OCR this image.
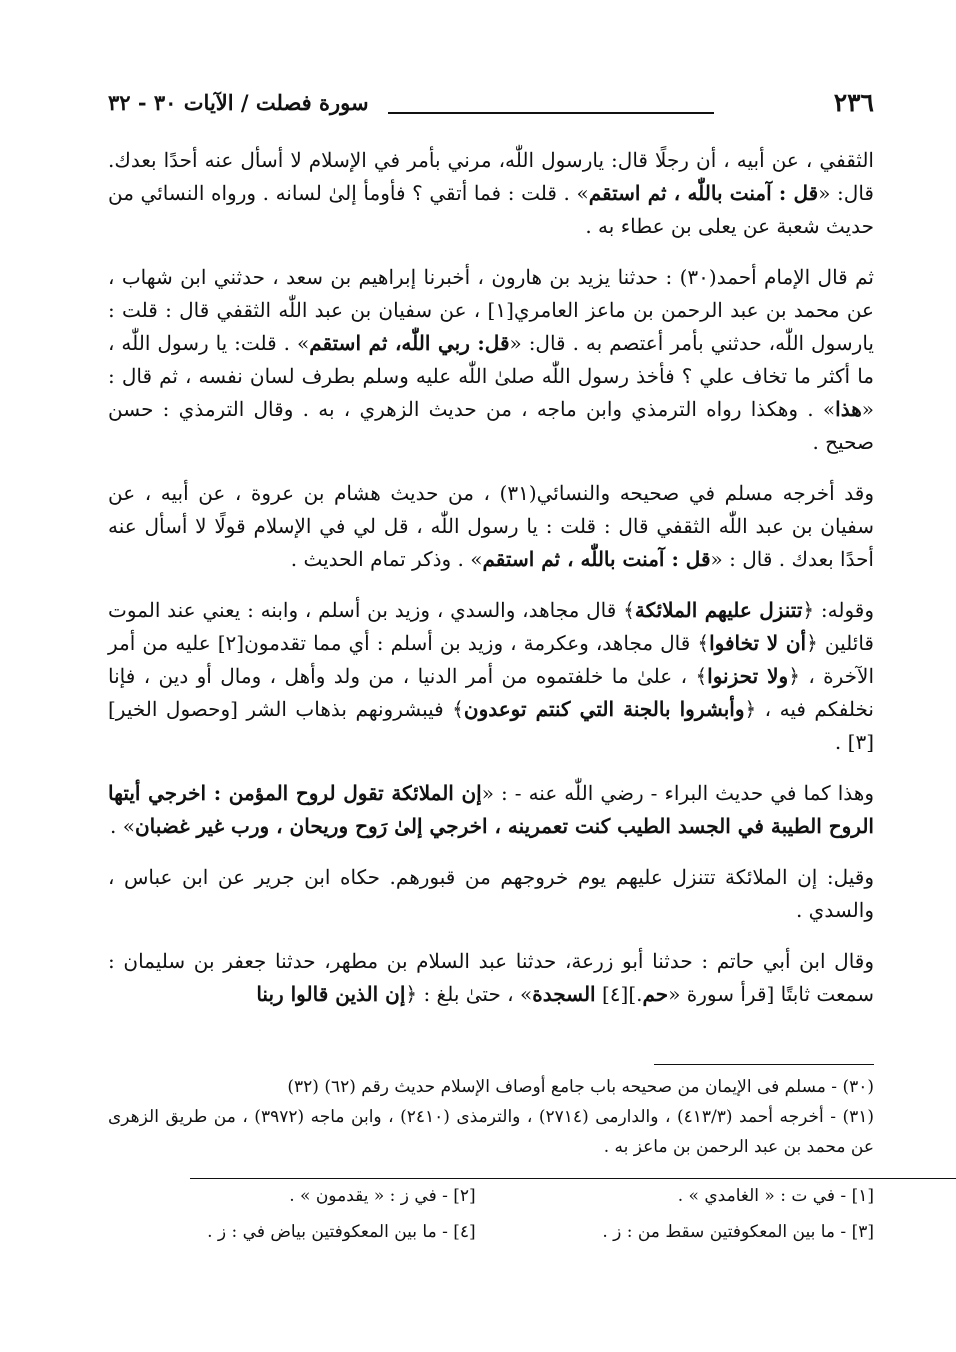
٢٣٦
سورة فصلت / الآيات ٣٠ - ٣٢

الثقفي ، عن أبيه ، أن رجلًا قال: يارسول اللّٰه، مرني بأمر في الإسلام لا أسأل عنه أحدًا بعدك. قال: «قل : آمنت باللّٰه ، ثم استقم» . قلت : فما أتقي ؟ فأومأ إلىٰ لسانه . ورواه النسائي من حديث شعبة عن يعلى بن عطاء به .

ثم قال الإمام أحمد(٣٠) : حدثنا يزيد بن هارون ، أخبرنا إبراهيم بن سعد ، حدثني ابن شهاب ، عن محمد بن عبد الرحمن بن ماعز العامري[١] ، عن سفيان بن عبد اللّٰه الثقفي قال : قلت : يارسول اللّٰه، حدثني بأمر أعتصم به . قال: «قل: ربي اللّٰه، ثم استقم» . قلت: يا رسول اللّٰه ، ما أكثر ما تخاف علي ؟ فأخذ رسول اللّٰه صلىٰ اللّٰه عليه وسلم بطرف لسان نفسه ، ثم قال : «هذا» . وهكذا رواه الترمذي وابن ماجه ، من حديث الزهري ، به . وقال الترمذي : حسن صحيح .

وقد أخرجه مسلم في صحيحه والنسائي(٣١) ، من حديث هشام بن عروة ، عن أبيه ، عن سفيان بن عبد اللّٰه الثقفي قال : قلت : يا رسول اللّٰه ، قل لي في الإسلام قولًا لا أسأل عنه أحدًا بعدك . قال : «قل : آمنت باللّٰه ، ثم استقم» . وذكر تمام الحديث .

وقوله: ﴿تتنزل عليهم الملائكة﴾ قال مجاهد، والسدي ، وزيد بن أسلم ، وابنه : يعني عند الموت قائلين ﴿أن لا تخافوا﴾ قال مجاهد، وعكرمة ، وزيد بن أسلم : أي مما تقدمون[٢] عليه من أمر الآخرة ، ﴿ولا تحزنوا﴾ ، علىٰ ما خلفتموه من أمر الدنيا ، من ولد وأهل ، ومال أو دين ، فإنا نخلفكم فيه ، ﴿وأبشروا بالجنة التي كنتم توعدون﴾ فيبشرونهم بذهاب الشر [وحصول الخير][٣] .

وهذا كما في حديث البراء - رضي اللّٰه عنه - : «إن الملائكة تقول لروح المؤمن : اخرجي أيتها الروح الطيبة في الجسد الطيب كنت تعمرينه ، اخرجي إلىٰ رَوح وريحان ، ورب غير غضبان» .

وقيل: إن الملائكة تتنزل عليهم يوم خروجهم من قبورهم. حكاه ابن جرير عن ابن عباس ، والسدي .

وقال ابن أبي حاتم : حدثنا أبو زرعة، حدثنا عبد السلام بن مطهر، حدثنا جعفر بن سليمان : سمعت ثابتًا [قرأ سورة «حم.][٤] السجدة» ، حتىٰ بلغ : ﴿إن الذين قالوا ربنا

(٣٠) - مسلم فى الإيمان من صحيحه باب جامع أوصاف الإسلام حديث رقم (٦٢) (٣٢)

(٣١) - أخرجه أحمد (٤١٣/٣) ، والدارمى (٢٧١٤) ، والترمذى (٢٤١٠) ، وابن ماجه (٣٩٧٢) ، من طريق الزهرى عن محمد بن عبد الرحمن بن ماعز به .

[١] - في ت : « الغامدي » .
[٢] - في ز : « يقدمون » .
[٣] - ما بين المعكوفتين سقط من : ز .
[٤] - ما بين المعكوفتين بياض في : ز .
